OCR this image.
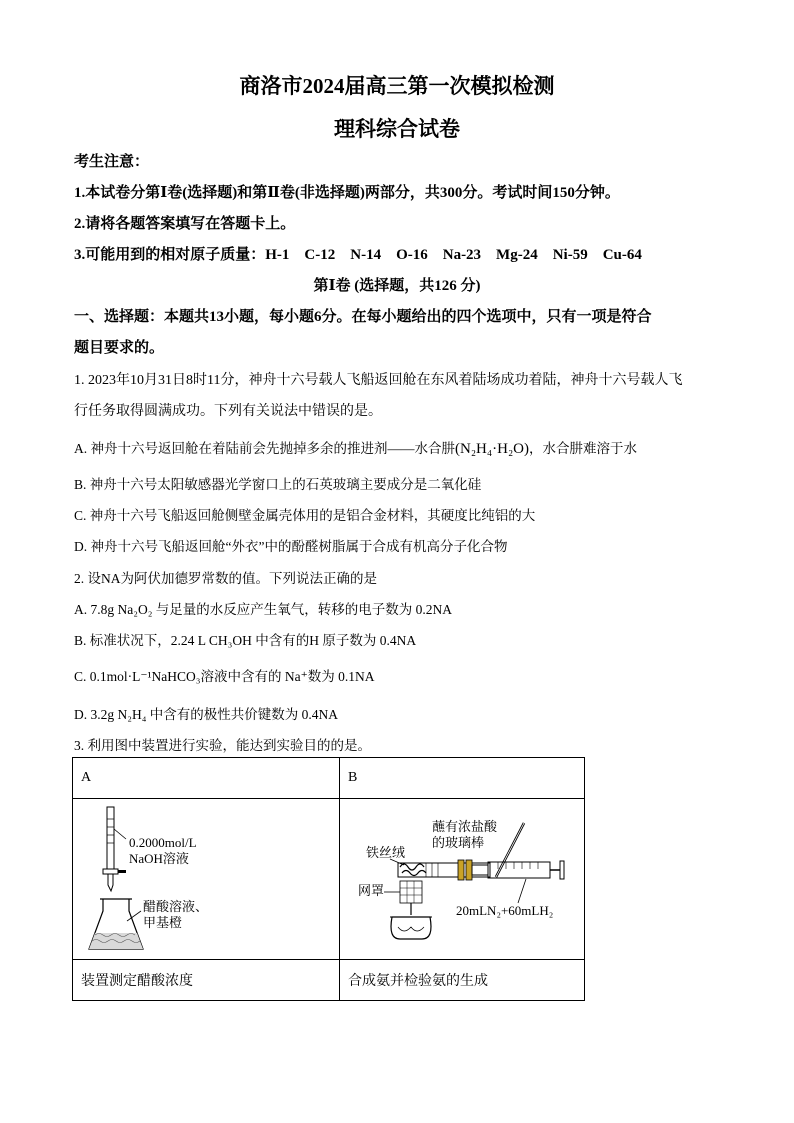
商洛市2024届高三第一次模拟检测
理科综合试卷
考生注意：
1.本试卷分第Ⅰ卷(选择题)和第Ⅱ卷(非选择题)两部分，共300分。考试时间150分钟。
2.请将各题答案填写在答题卡上。
3.可能用到的相对原子质量：H-1　C-12　N-14　O-16　Na-23　Mg-24　Ni-59　Cu-64
第Ⅰ卷 (选择题，共126 分)
一、选择题：本题共13小题，每小题6分。在每小题给出的四个选项中，只有一项是符合
题目要求的。
1. 2023年10月31日8时11分，神舟十六号载人飞船返回舱在东风着陆场成功着陆，神舟十六号载人飞
行任务取得圆满成功。下列有关说法中错误的是。
A. 神舟十六号返回舱在着陆前会先抛掉多余的推进剂——水合肼(N₂H₄·H₂O)，水合肼难溶于水
B. 神舟十六号太阳敏感器光学窗口上的石英玻璃主要成分是二氧化硅
C. 神舟十六号飞船返回舱侧壁金属壳体用的是铝合金材料，其硬度比纯铝的大
D. 神舟十六号飞船返回舱“外衣”中的酚醛树脂属于合成有机高分子化合物
2. 设NA为阿伏加德罗常数的值。下列说法正确的是
A. 7.8g Na₂O₂ 与足量的水反应产生氧气，转移的电子数为 0.2NA
B. 标准状况下，2.24 L CH₃OH 中含有的H 原子数为 0.4NA
C. 0.1mol·L⁻¹NaHCO₃溶液中含有的 Na⁺数为 0.1NA
D. 3.2g N₂H₄ 中含有的极性共价键数为 0.4NA
3. 利用图中装置进行实验，能达到实验目的的是。
A	B

0.2000mol/L
NaOH溶液
醋酸溶液、
甲基橙	蘸有浓盐酸
的玻璃棒
铁丝绒
网罩
20mLN₂+60mLH₂

装置测定醋酸浓度	合成氨并检验氨的生成
